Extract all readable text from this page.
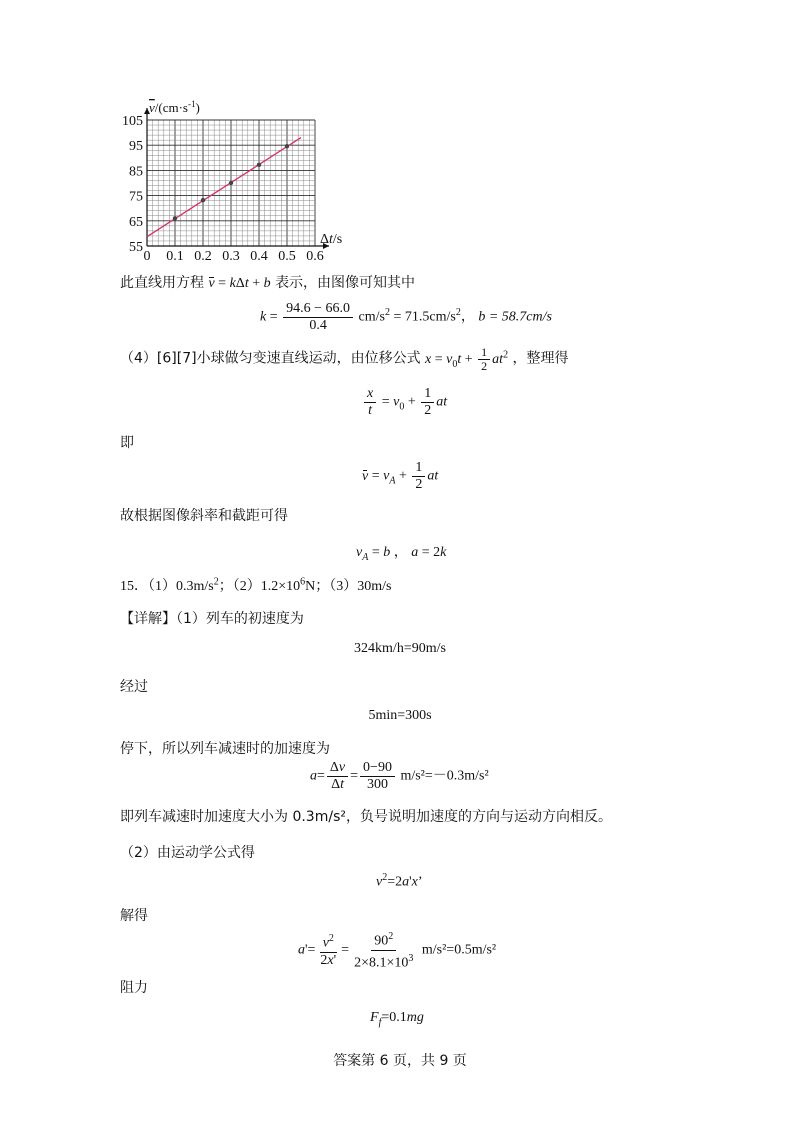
0 0.1 0.2 0.3 0.4 0.5 0.6
55
65
75
85
95
105
$v/(cm\cdot s^{-1})$
Δt/s
此直线用方程 v = kΔt + b 表示，由图像可知其中
$k = \frac{94.6 - 66.0}{0.4} cm/s^2 = 71.5cm/s^2$， b = 58.7cm/s
（4）[6][7]小球做匀变速直线运动，由位移公式 $x = v_0t + \frac{1}{2} at^2$ ，整理得
$\frac{x}{t} = v_0 + \frac{1}{2}$ at
即
$v = v_A + \frac{1}{2}$ at
故根据图像斜率和截距可得
$v_A = b$ ， a = 2k
15．$(1)0.3m/s^2$；$(2)1.2\times 10^6N$；（3）30m/s
【详解】（1）列车的初速度为
324km/h=90m/s
经过
5min=300s
停下，所以列车减速时的加速度为
$a= \frac{\Delta v}{\Delta t} = \frac{0-90}{300} m/s^2=-0.3m/s^2$
即列车减速时加速度大小为 0.3m/s²，负号说明加速度的方向与运动方向相反。
（2）由运动学公式得
$v^2=2a'x$’
解得
$a'= \frac{v^2}{2x'} = \frac{90^2}{2\times 8.1\times 10^3} m/s^2=0.5m/s^2$
阻力
$F_f=0.1mg$
答案第 6 页，共 9 页
